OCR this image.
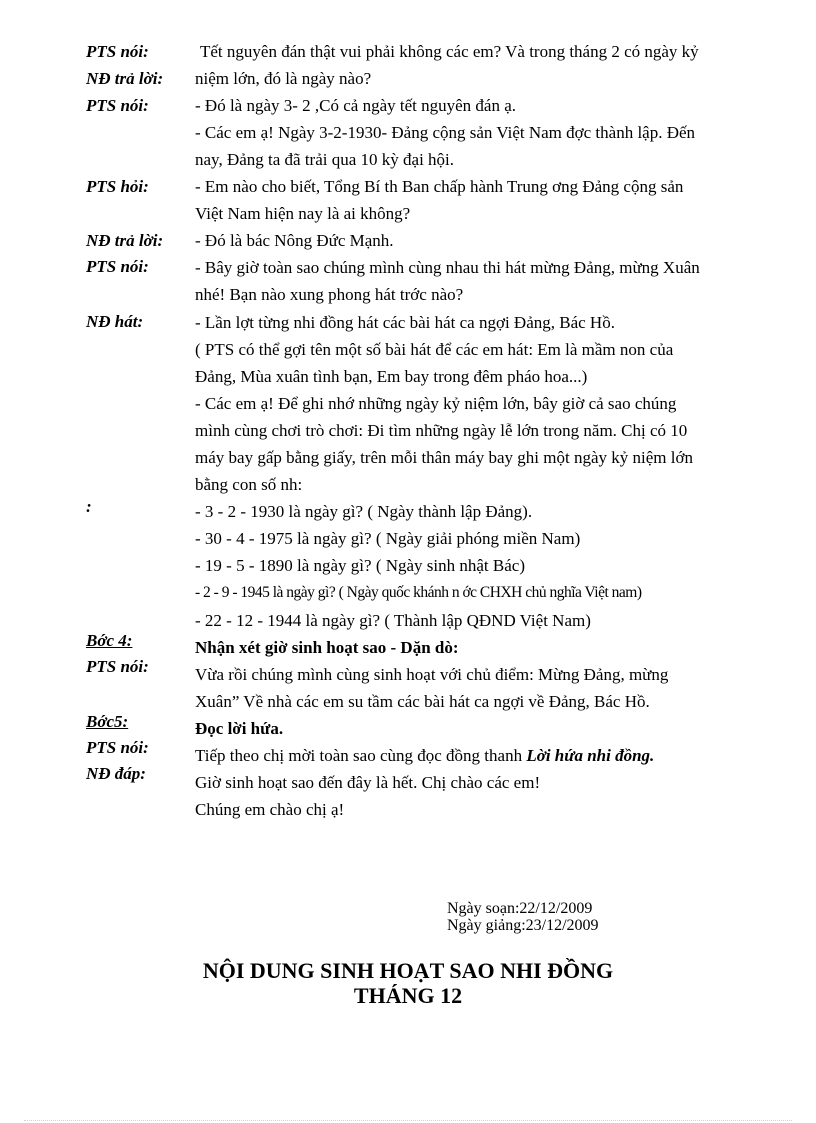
PTS nói:
NĐ trả lời:
PTS nói:
PTS hỏi:
NĐ trả lời:
PTS nói:
NĐ hát:
:
Bớc 4:
PTS nói:
Bớc5:
PTS nói:
NĐ đáp:
Tết nguyên đán thật vui phải không các em? Và trong tháng 2 có ngày kỷ
niệm lớn, đó là ngày nào?
- Đó là ngày 3- 2 ,Có cả ngày tết nguyên đán ạ.
- Các em ạ! Ngày 3-2-1930- Đảng cộng sản Việt Nam đợc thành lập. Đến
nay, Đảng ta đã trải qua 10 kỳ đại hội.
- Em nào cho biết, Tổng Bí th Ban chấp hành Trung ơng Đảng cộng sản
Việt Nam hiện nay là ai không?
- Đó là bác Nông Đức Mạnh.
- Bây giờ toàn sao chúng mình cùng nhau thi hát mừng Đảng, mừng Xuân
nhé! Bạn nào xung phong hát trớc nào?
- Lần lợt từng nhi đồng hát các bài hát ca ngợi Đảng, Bác Hồ.
( PTS có thể gợi tên một số bài hát để các em hát: Em là mầm non của
Đảng, Mùa xuân tình bạn, Em bay trong đêm pháo hoa...)
- Các em ạ! Để ghi nhớ những ngày kỷ niệm lớn, bây giờ cả sao chúng
mình cùng chơi trò chơi: Đi tìm những ngày lễ lớn trong năm. Chị có 10
máy bay gấp bằng giấy, trên mỗi thân máy bay ghi một ngày kỷ niệm lớn
bằng con số nh:
- 3 - 2 - 1930 là ngày gì? ( Ngày thành lập Đảng).
- 30 - 4 - 1975 là ngày gì? ( Ngày giải phóng miền Nam)
- 19 - 5 - 1890 là ngày gì? ( Ngày sinh nhật Bác)
- 2 - 9 - 1945 là ngày gì? ( Ngày quốc khánh n ớc CHXH chủ nghĩa Việt nam)
- 22 - 12 - 1944 là ngày gì? ( Thành lập QĐND Việt Nam)
Nhận xét giờ sinh hoạt sao - Dặn dò:
Vừa rồi chúng mình cùng sinh hoạt với chủ điểm: Mừng Đảng, mừng
Xuân” Về nhà các em su tầm các bài hát ca ngợi về Đảng, Bác Hồ.
Đọc lời hứa.
Tiếp theo chị mời toàn sao cùng đọc đồng thanh Lời hứa nhi đồng.
Giờ sinh hoạt sao đến đây là hết. Chị chào các em!
Chúng em chào chị ạ!
Ngày soạn:22/12/2009
Ngày giảng:23/12/2009
NỘI DUNG SINH HOẠT SAO NHI ĐỒNG
THÁNG 12
